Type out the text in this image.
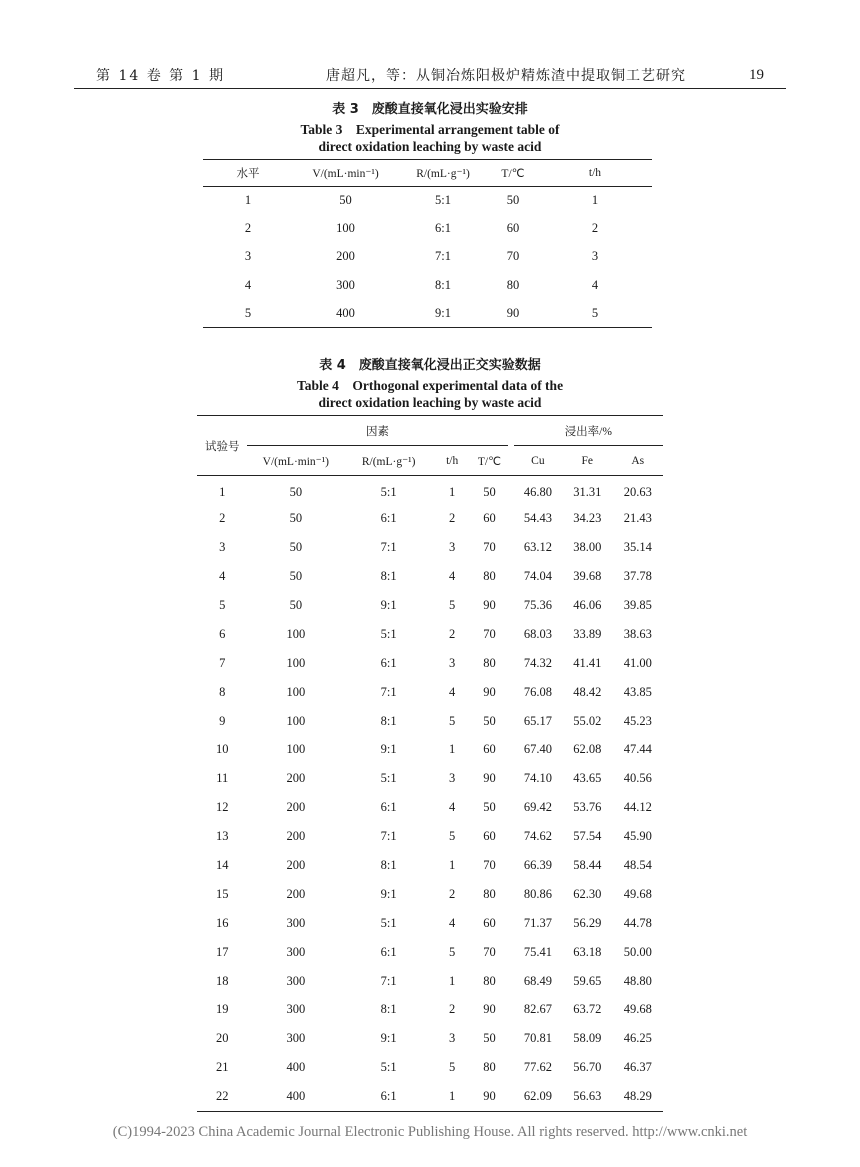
第 14 卷 第 1 期	唐超凡，等：从铜冶炼阳极炉精炼渣中提取铜工艺研究	19
表 3　废酸直接氧化浸出实验安排
Table 3　Experimental arrangement table of
direct oxidation leaching by waste acid
水平	V/(mL·min⁻¹)	R/(mL·g⁻¹)	T/℃	t/h
1	50	5:1	50	1
2	100	6:1	60	2
3	200	7:1	70	3
4	300	8:1	80	4
5	400	9:1	90	5
表 4　废酸直接氧化浸出正交实验数据
Table 4　Orthogonal experimental data of the
direct oxidation leaching by waste acid
试验号	因素					浸出率/%		
	V/(mL·min⁻¹)	R/(mL·g⁻¹)	t/h	T/℃		Cu	Fe	As
1	50	5:1	1	50		46.80	31.31	20.63
2	50	6:1	2	60		54.43	34.23	21.43
3	50	7:1	3	70		63.12	38.00	35.14
4	50	8:1	4	80		74.04	39.68	37.78
5	50	9:1	5	90		75.36	46.06	39.85
6	100	5:1	2	70		68.03	33.89	38.63
7	100	6:1	3	80		74.32	41.41	41.00
8	100	7:1	4	90		76.08	48.42	43.85
9	100	8:1	5	50		65.17	55.02	45.23
10	100	9:1	1	60		67.40	62.08	47.44
11	200	5:1	3	90		74.10	43.65	40.56
12	200	6:1	4	50		69.42	53.76	44.12
13	200	7:1	5	60		74.62	57.54	45.90
14	200	8:1	1	70		66.39	58.44	48.54
15	200	9:1	2	80		80.86	62.30	49.68
16	300	5:1	4	60		71.37	56.29	44.78
17	300	6:1	5	70		75.41	63.18	50.00
18	300	7:1	1	80		68.49	59.65	48.80
19	300	8:1	2	90		82.67	63.72	49.68
20	300	9:1	3	50		70.81	58.09	46.25
21	400	5:1	5	80		77.62	56.70	46.37
22	400	6:1	1	90		62.09	56.63	48.29
(C)1994-2023 China Academic Journal Electronic Publishing House. All rights reserved. http://www.cnki.net
